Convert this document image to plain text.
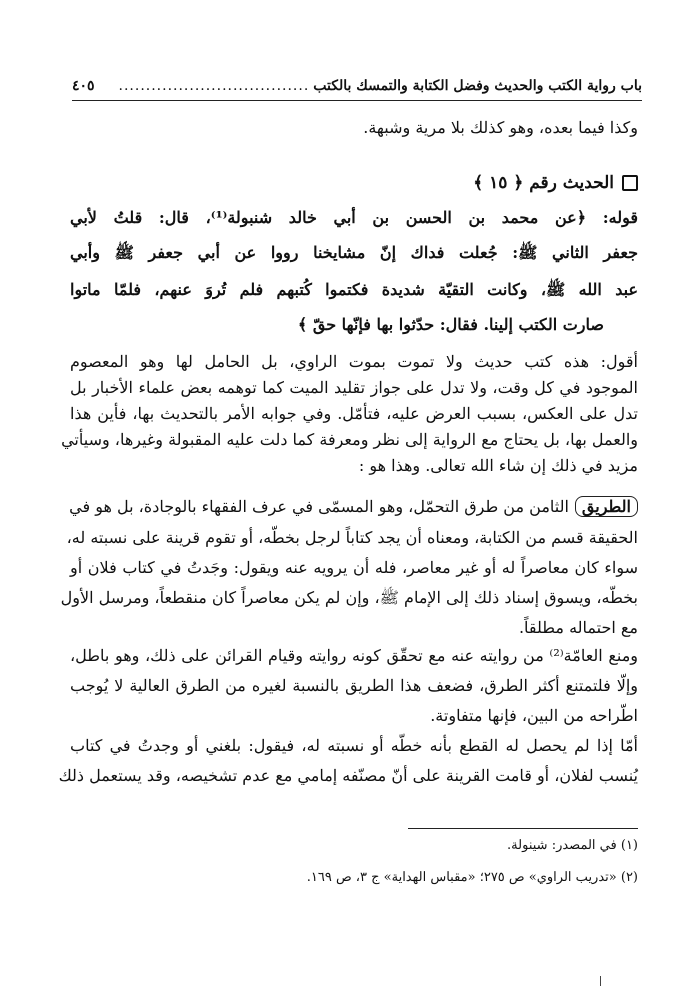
باب رواية الكتب والحديث وفضل الكتابة والتمسك بالكتب
...................................
٤٠٥
وكذا فيما بعده، وهو كذلك بلا مرية وشبهة.
الحديث رقم ﴿ ١٥ ﴾
قوله: ﴿عن محمد بن الحسن بن أبي خالد شنبولة⁽¹⁾، قال: قلتُ لأبي
جعفر الثاني ﷺ: جُعلت فداك إنّ مشايخنا رووا عن أبي جعفر ﷺ وأبي
عبد الله ﷺ، وكانت التقيّة شديدة فكتموا كُتبهم فلم تُروَ عنهم، فلمّا ماتوا
صارت الكتب إلينا. فقال: حدّثوا بها فإنّها حقّ ﴾
أقول: هذه كتب حديث ولا تموت بموت الراوي، بل الحامل لها وهو المعصوم
الموجود في كل وقت، ولا تدل على جواز تقليد الميت كما توهمه بعض علماء الأخبار بل
تدل على العكس، بسبب العرض عليه، فتأمّل. وفي جوابه الأمر بالتحديث بها، فأين هذا
والعمل بها، بل يحتاج مع الرواية إلى نظر ومعرفة كما دلت عليه المقبولة وغيرها، وسيأتي
مزيد في ذلك إن شاء الله تعالى. وهذا هو :
الطريقالثامن من طرق التحمّل، وهو المسمّى في عرف الفقهاء بالوجادة، بل هو في
الحقيقة قسم من الكتابة، ومعناه أن يجد كتاباً لرجل بخطّه، أو تقوم قرينة على نسبته له،
سواء كان معاصراً له أو غير معاصر، فله أن يرويه عنه ويقول: وجَدتُ في كتاب فلان أو
بخطّه، ويسوق إسناد ذلك إلى الإمام ﷺ، وإن لم يكن معاصراً كان منقطعاً، ومرسل الأول
مع احتماله مطلقاً.
ومنع العامّة⁽²⁾ من روايته عنه مع تحقّق كونه روايته وقيام القرائن على ذلك، وهو باطل،
وإلّا فلتمتنع أكثر الطرق، فضعف هذا الطريق بالنسبة لغيره من الطرق العالية لا يُوجب
اطّراحه من البين، فإنها متفاوتة.
أمّا إذا لم يحصل له القطع بأنه خطّه أو نسبته له، فيقول: بلغني أو وجدتُ في كتاب
يُنسب لفلان، أو قامت القرينة على أنّ مصنّفه إمامي مع عدم تشخيصه، وقد يستعمل ذلك
(١) في المصدر: شينولة.
(٢) «تدريب الراوي» ص ٢٧٥؛ «مقباس الهداية» ج ٣، ص ١٦٩.
